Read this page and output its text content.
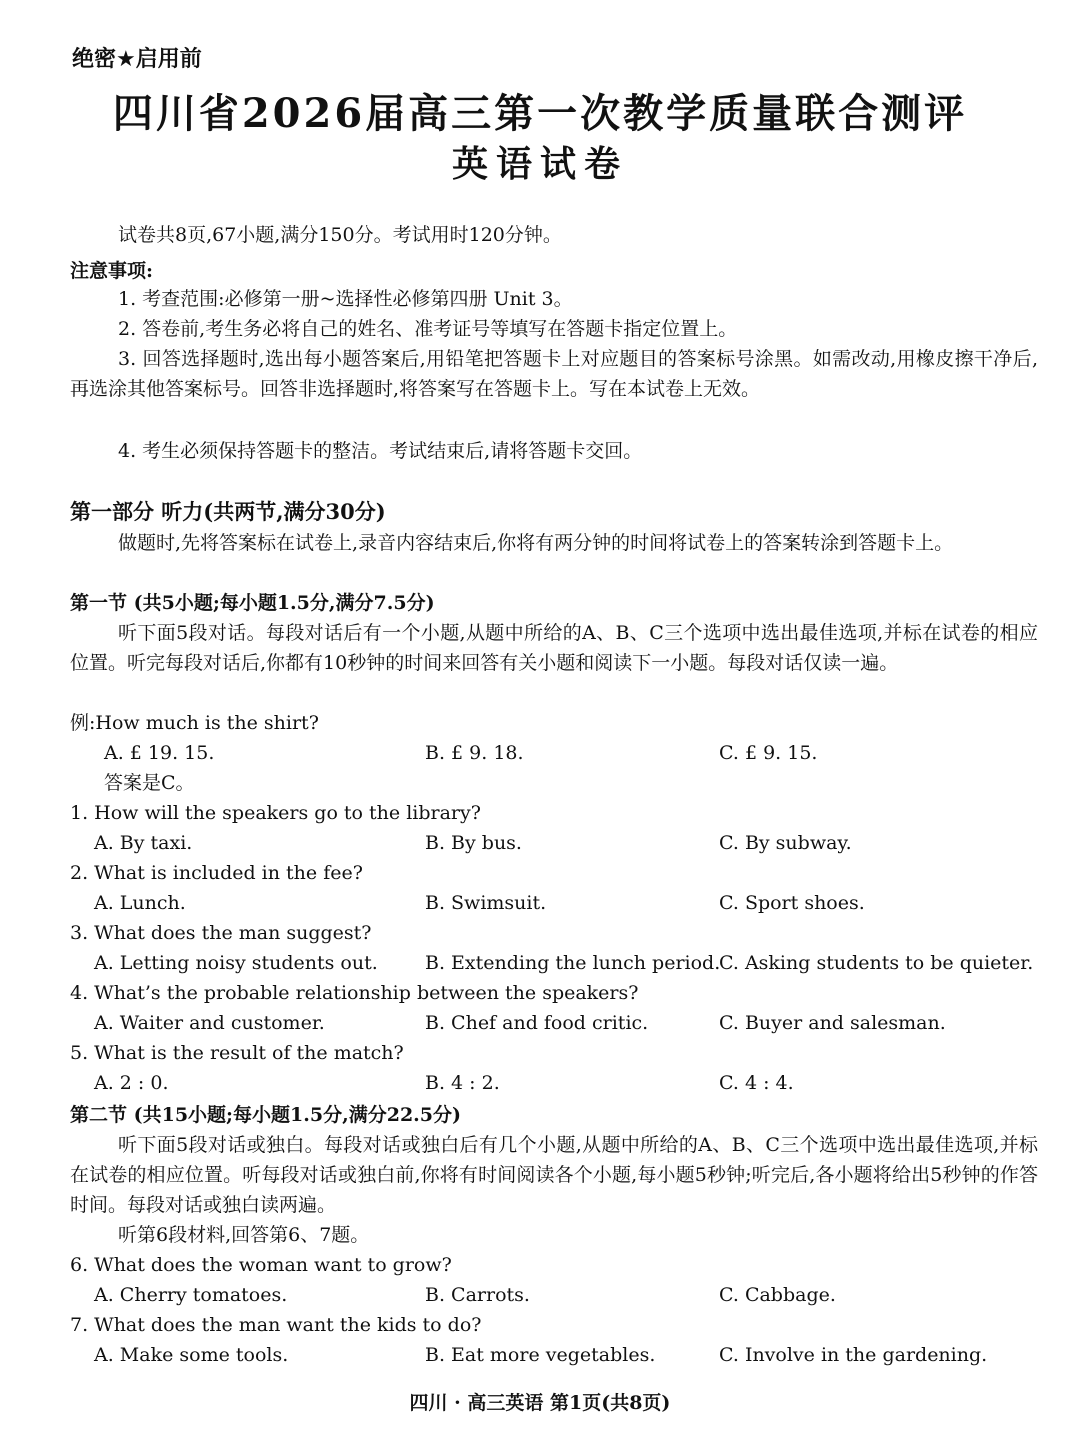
绝密★启用前
四川省2026届高三第一次教学质量联合测评
英语试卷
试卷共8页,67小题,满分150分。考试用时120分钟。
注意事项:
1. 考查范围:必修第一册~选择性必修第四册 Unit 3。
2. 答卷前,考生务必将自己的姓名、准考证号等填写在答题卡指定位置上。
3. 回答选择题时,选出每小题答案后,用铅笔把答题卡上对应题目的答案标号涂黑。如需改动,用橡皮擦干净后,再选涂其他答案标号。回答非选择题时,将答案写在答题卡上。写在本试卷上无效。
4. 考生必须保持答题卡的整洁。考试结束后,请将答题卡交回。
第一部分 听力(共两节,满分30分)
做题时,先将答案标在试卷上,录音内容结束后,你将有两分钟的时间将试卷上的答案转涂到答题卡上。
第一节 (共5小题;每小题1.5分,满分7.5分)
听下面5段对话。每段对话后有一个小题,从题中所给的A、B、C三个选项中选出最佳选项,并标在试卷的相应位置。听完每段对话后,你都有10秒钟的时间来回答有关小题和阅读下一小题。每段对话仅读一遍。
例:How much is the shirt?
A. £ 19. 15.	B. £ 9. 18.	C. £ 9. 15.
答案是C。
1. How will the speakers go to the library?
A. By taxi.	B. By bus.	C. By subway.
2. What is included in the fee?
A. Lunch.	B. Swimsuit.	C. Sport shoes.
3. What does the man suggest?
A. Letting noisy students out. B. Extending the lunch period.
C. Asking students to be quieter.
4. What’s the probable relationship between the speakers?
A. Waiter and customer.	B. Chef and food critic.	C. Buyer and salesman.
5. What is the result of the match?
A. 2 : 0.	B. 4 : 2.	C. 4 : 4.
第二节 (共15小题;每小题1.5分,满分22.5分)
听下面5段对话或独白。每段对话或独白后有几个小题,从题中所给的A、B、C三个选项中选出最佳选项,并标在试卷的相应位置。听每段对话或独白前,你将有时间阅读各个小题,每小题5秒钟;听完后,各小题将给出5秒钟的作答时间。每段对话或独白读两遍。
听第6段材料,回答第6、7题。
6. What does the woman want to grow?
A. Cherry tomatoes.	B. Carrots.	C. Cabbage.
7. What does the man want the kids to do?
A. Make some tools.	B. Eat more vegetables.	C. Involve in the gardening.
四川 · 高三英语 第1页(共8页)
